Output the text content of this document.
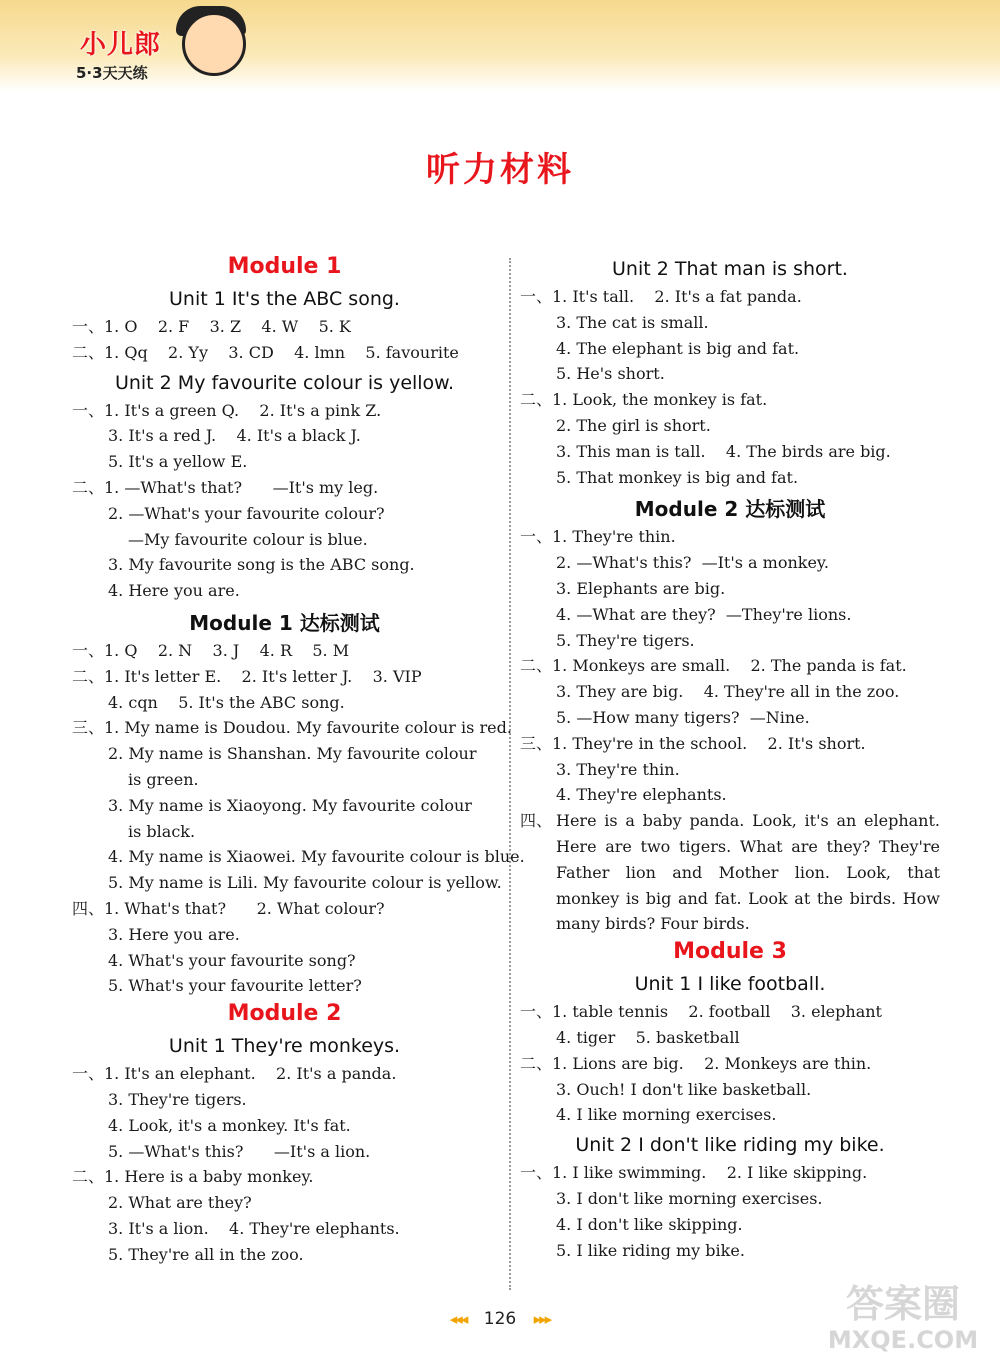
小儿郎
5·3天天练
听力材料
Module 1
Unit 1 It's the ABC song.
一、1. O    2. F    3. Z    4. W    5. K
二、1. Qq    2. Yy    3. CD    4. lmn    5. favourite
Unit 2 My favourite colour is yellow.
一、1. It's a green Q.    2. It's a pink Z.
3. It's a red J.    4. It's a black J.
5. It's a yellow E.
二、1. —What's that?      —It's my leg.
2. —What's your favourite colour?
—My favourite colour is blue.
3. My favourite song is the ABC song.
4. Here you are.
Module 1 达标测试
一、1. Q    2. N    3. J    4. R    5. M
二、1. It's letter E.    2. It's letter J.    3. VIP
4. cqn    5. It's the ABC song.
三、1. My name is Doudou. My favourite colour is red.
2. My name is Shanshan. My favourite colour
is green.
3. My name is Xiaoyong. My favourite colour
is black.
4. My name is Xiaowei. My favourite colour is blue.
5. My name is Lili. My favourite colour is yellow.
四、1. What's that?      2. What colour?
3. Here you are.
4. What's your favourite song?
5. What's your favourite letter?
Module 2
Unit 1 They're monkeys.
一、1. It's an elephant.    2. It's a panda.
3. They're tigers.
4. Look, it's a monkey. It's fat.
5. —What's this?      —It's a lion.
二、1. Here is a baby monkey.
2. What are they?
3. It's a lion.    4. They're elephants.
5. They're all in the zoo.
Unit 2 That man is short.
一、1. It's tall.    2. It's a fat panda.
3. The cat is small.
4. The elephant is big and fat.
5. He's short.
二、1. Look, the monkey is fat.
2. The girl is short.
3. This man is tall.    4. The birds are big.
5. That monkey is big and fat.
Module 2 达标测试
一、1. They're thin.
2. —What's this?  —It's a monkey.
3. Elephants are big.
4. —What are they?  —They're lions.
5. They're tigers.
二、1. Monkeys are small.    2. The panda is fat.
3. They are big.    4. They're all in the zoo.
5. —How many tigers?  —Nine.
三、1. They're in the school.    2. It's short.
3. They're thin.
4. They're elephants.
四、 Here is a baby panda. Look, it's an elephant. Here are two tigers. What are they? They're Father lion and Mother lion. Look, that monkey is big and fat. Look at the birds. How many birds? Four birds.
Module 3
Unit 1 I like football.
一、1. table tennis    2. football    3. elephant
4. tiger    5. basketball
二、1. Lions are big.    2. Monkeys are thin.
3. Ouch! I don't like basketball.
4. I like morning exercises.
Unit 2 I don't like riding my bike.
一、1. I like swimming.    2. I like skipping.
3. I don't like morning exercises.
4. I don't like skipping.
5. I like riding my bike.
◂◂◂ 126 ▸▸▸	答案圈
MXQE.COM
